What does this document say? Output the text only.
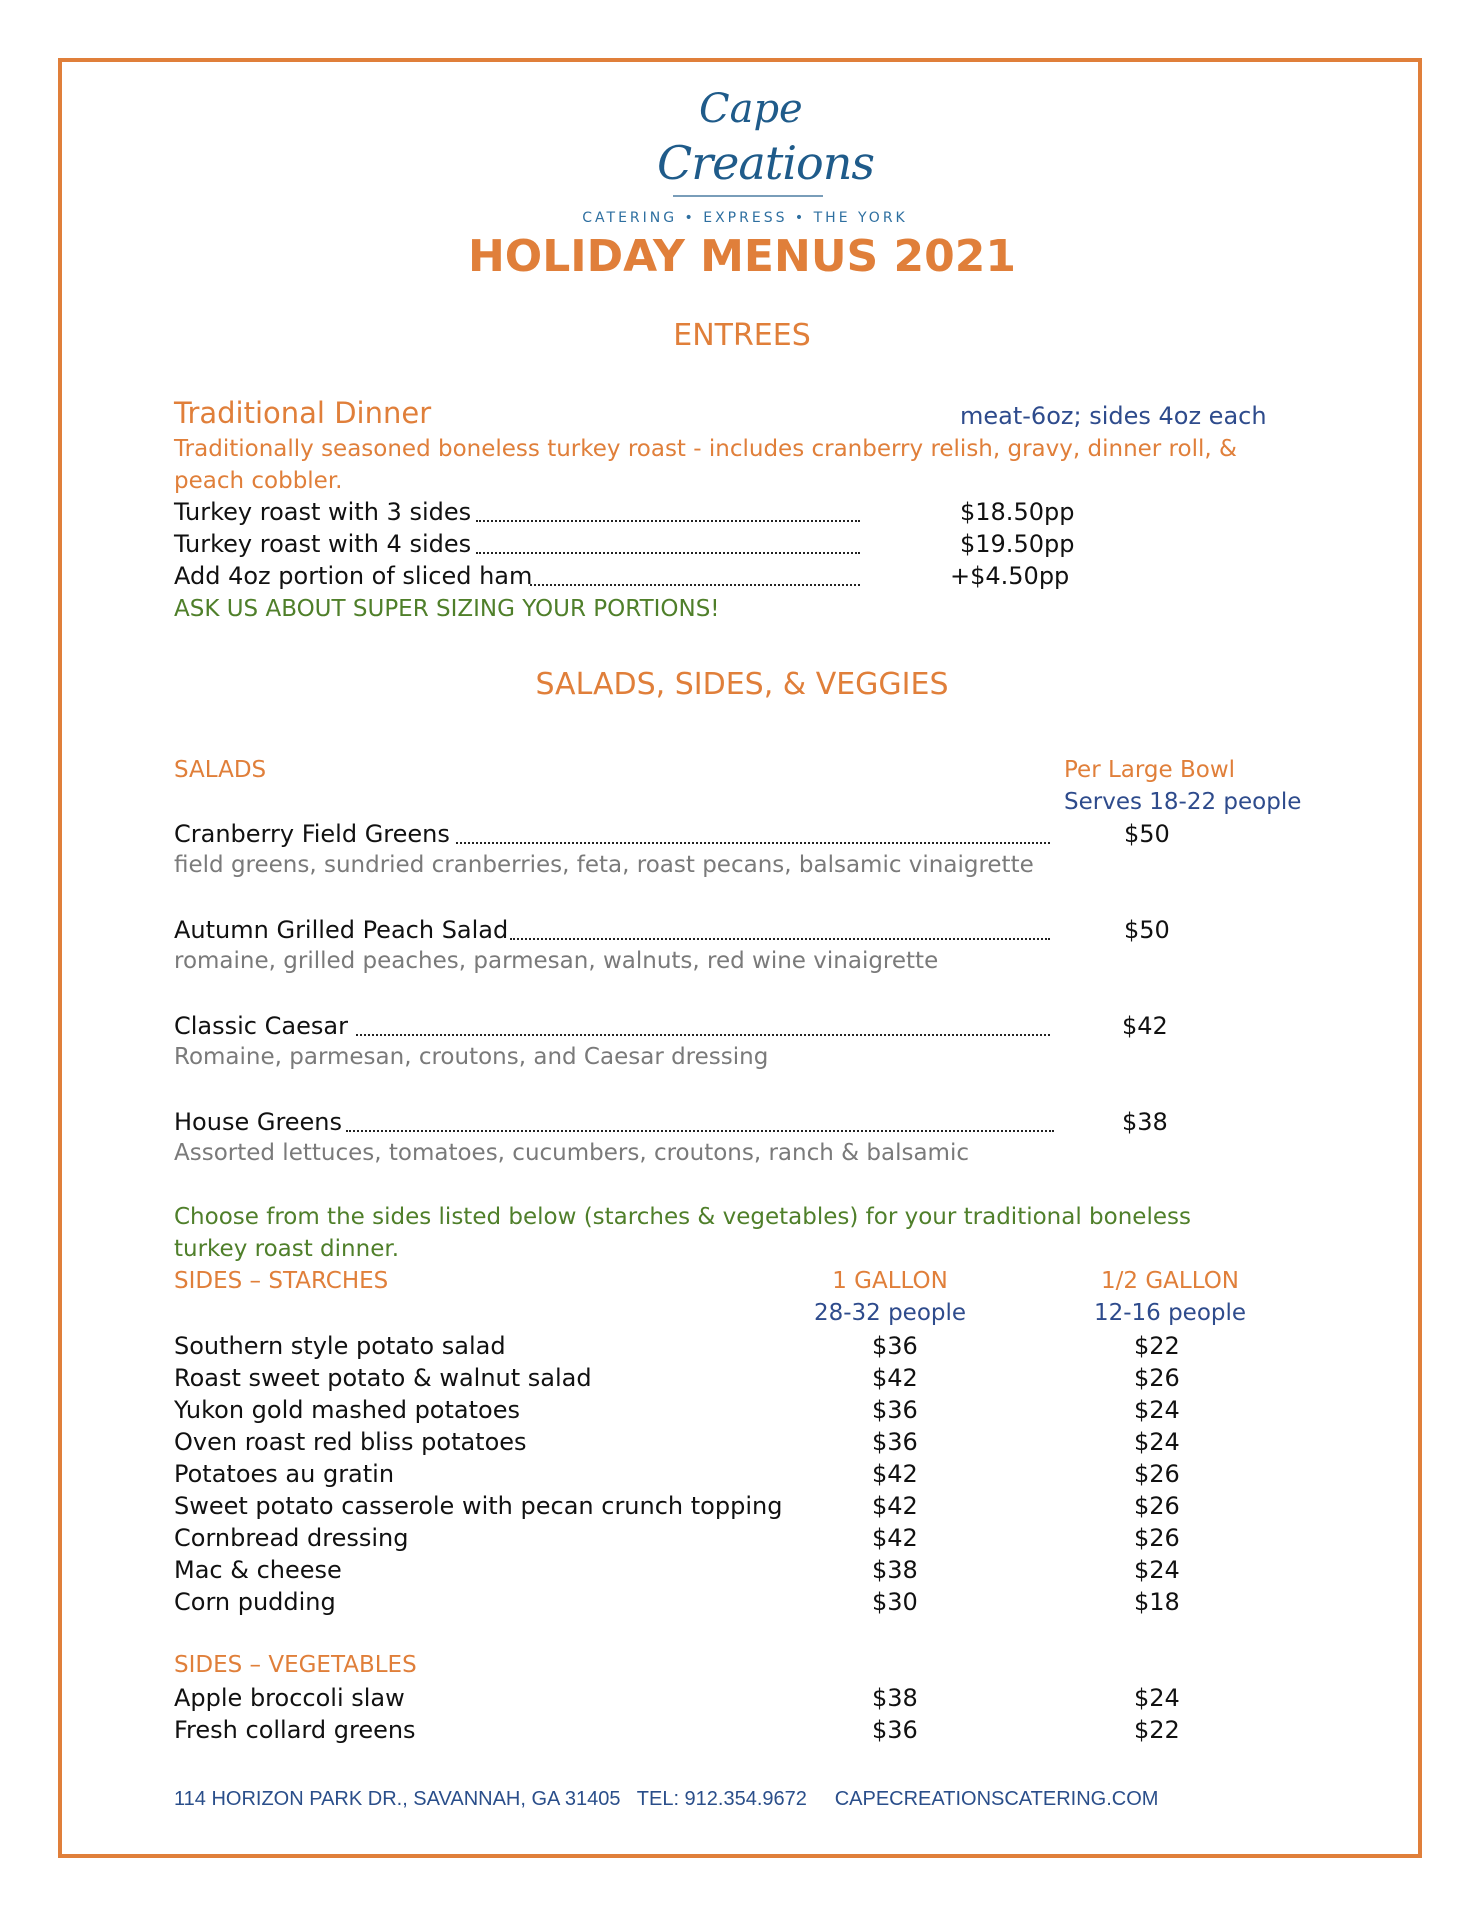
Cape
Creations
CATERING • EXPRESS • THE YORK
HOLIDAY MENUS 2021
ENTREES
Traditional Dinner	meat-6oz; sides 4oz each
Traditionally seasoned boneless turkey roast - includes cranberry relish, gravy, dinner roll, &
peach cobbler.
Turkey roast with 3 sides	$18.50pp
Turkey roast with 4 sides	$19.50pp
Add 4oz portion of sliced ham	+$4.50pp
ASK US ABOUT SUPER SIZING YOUR PORTIONS!
SALADS, SIDES, & VEGGIES
SALADS	Per Large Bowl
Serves 18-22 people
Cranberry Field Greens	$50
field greens, sundried cranberries, feta, roast pecans, balsamic vinaigrette
Autumn Grilled Peach Salad	$50
romaine, grilled peaches, parmesan, walnuts, red wine vinaigrette
Classic Caesar	$42
Romaine, parmesan, croutons, and Caesar dressing
House Greens	$38
Assorted lettuces, tomatoes, cucumbers, croutons, ranch & balsamic
Choose from the sides listed below (starches & vegetables) for your traditional boneless
turkey roast dinner.
SIDES – STARCHES	1 GALLON
28-32 people
1/2 GALLON
12-16 people
Southern style potato salad	$36	$22
Roast sweet potato & walnut salad	$42	$26
Yukon gold mashed potatoes	$36	$24
Oven roast red bliss potatoes	$36	$24
Potatoes au gratin	$42	$26
Sweet potato casserole with pecan crunch topping	$42	$26
Cornbread dressing	$42	$26
Mac & cheese	$38	$24
Corn pudding	$30	$18
SIDES – VEGETABLES
Apple broccoli slaw	$38	$24
Fresh collard greens	$36	$22
114 HORIZON PARK DR., SAVANNAH, GA 31405 TEL: 912.354.9672 CAPECREATIONSCATERING.COM
